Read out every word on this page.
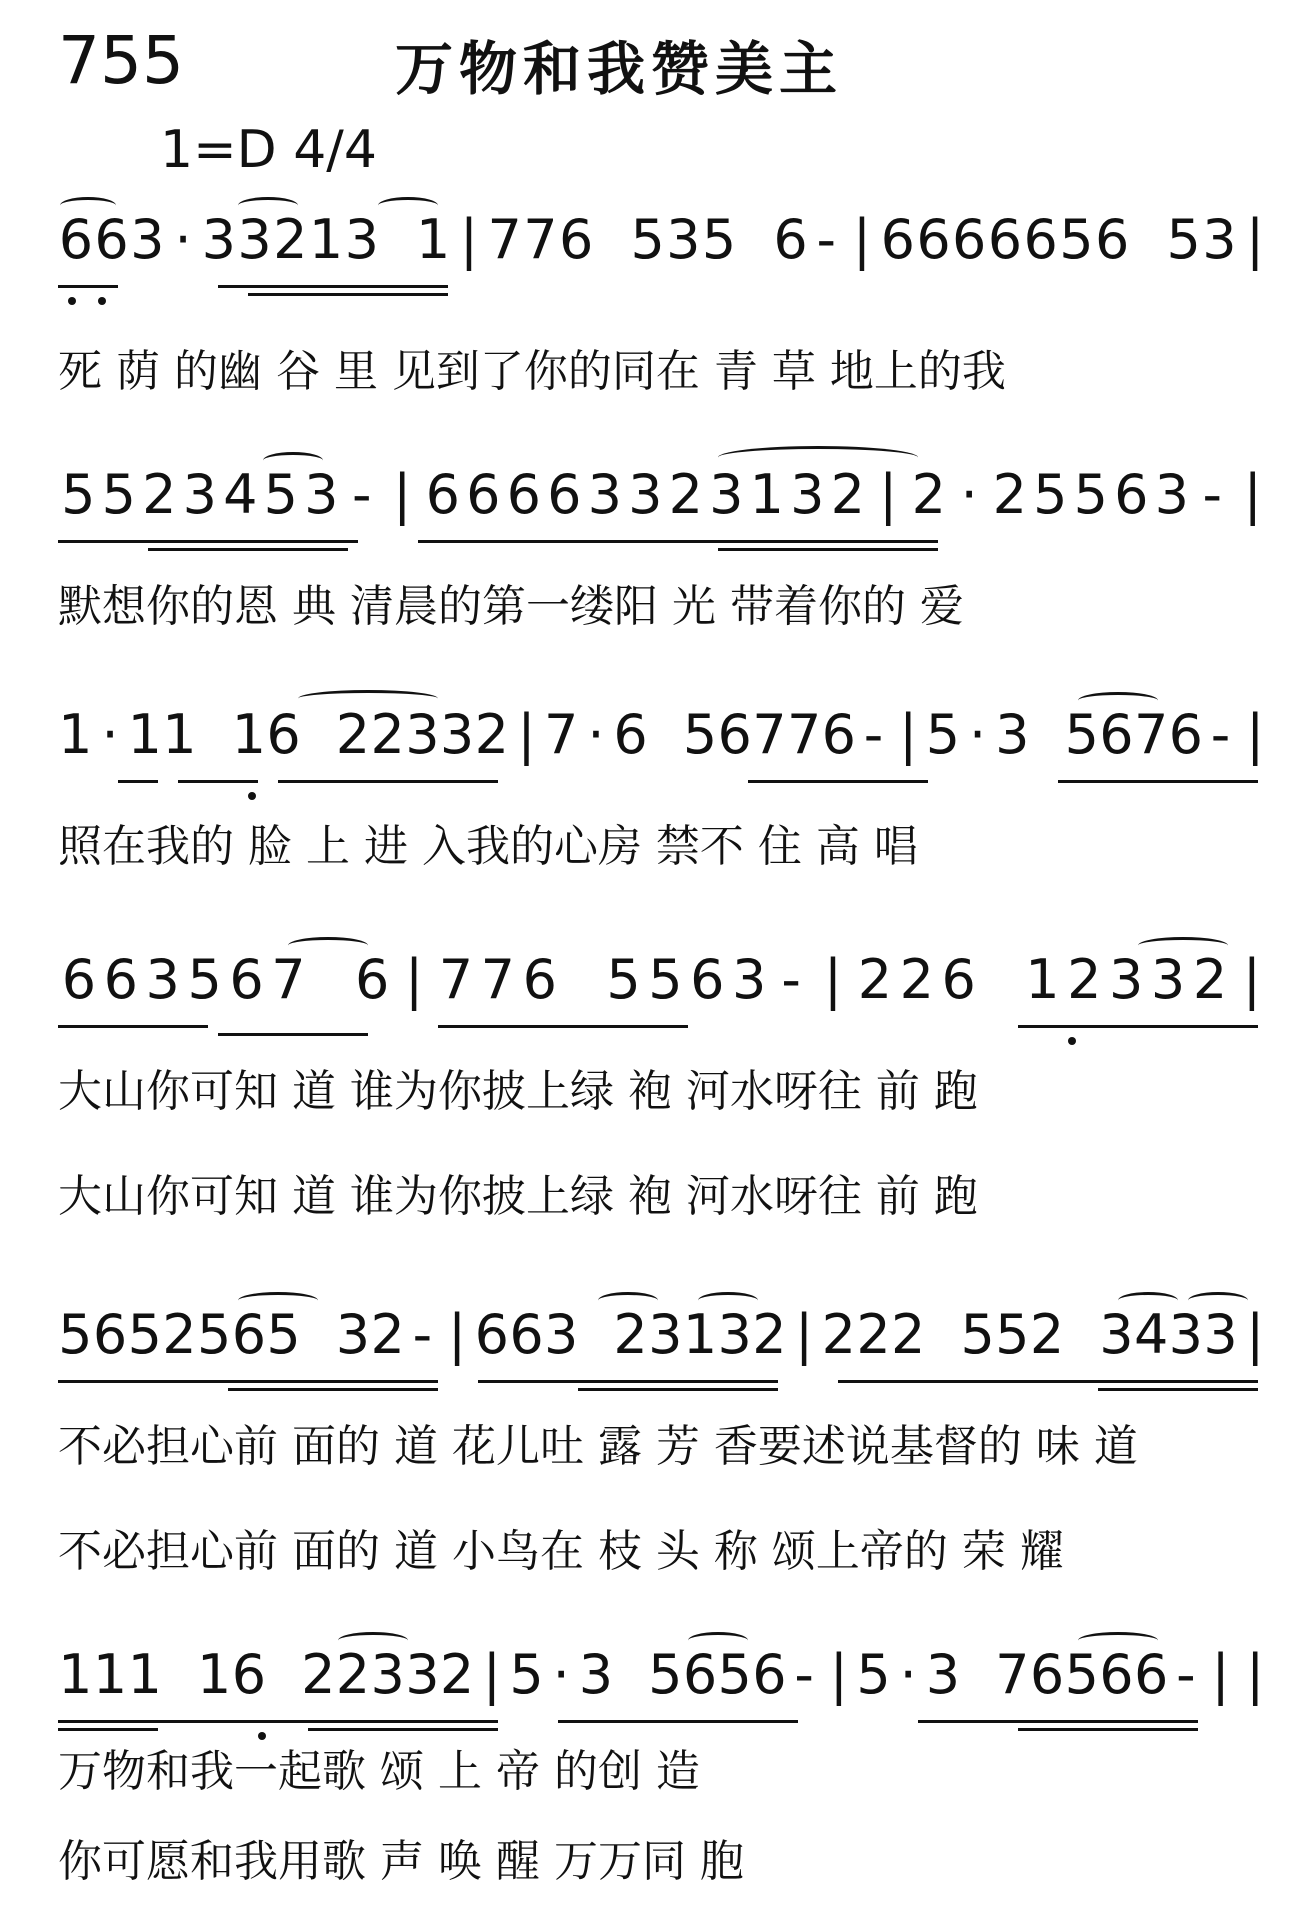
755	万物和我赞美主
1=D 4/4
663 · 33213 1 | 776 535 6 - | 6666656 53 |
死 荫 的幽 谷 里 见到了你的同在 青 草 地上的我
5 5 2 3 4 5 3 - | 6 6 6 6 3 3 2 3 1 3 2 | 2 · 2 5 5 6 3 - |
默想你的恩 典 清晨的第一缕阳 光 带着你的 爱
1 · 11 16 22332 | 7 · 6 56776 - | 5 · 3 5676 - |
照在我的 脸 上 进 入我的心房 禁不 住 高 唱
6 6 3 5 6 7 6 | 7 7 6 5 5 6 3 - | 2 2 6 1 2 3 3 2 |
大山你可知 道 谁为你披上绿 袍 河水呀往 前 跑
大山你可知 道 谁为你披上绿 袍 河水呀往 前 跑
5652565 32 - | 663 23132 | 222 552 3433 |
不必担心前 面的 道 花儿吐 露 芳 香要述说基督的 味 道
不必担心前 面的 道 小鸟在 枝 头 称 颂上帝的 荣 耀
111 16 22332 | 5 · 3 5656 - | 5 · 3 76566 - | |
万物和我一起歌 颂 上 帝 的创 造
你可愿和我用歌 声 唤 醒 万万同 胞
